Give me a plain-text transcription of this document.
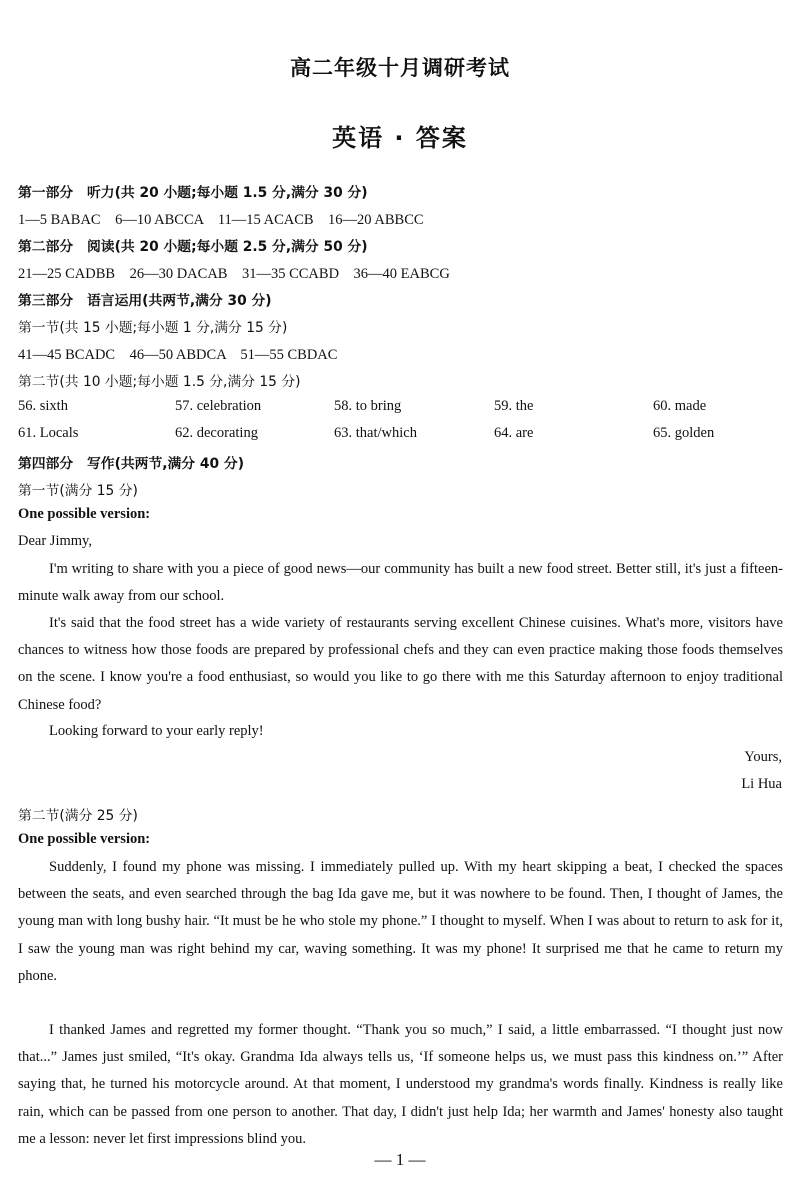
高二年级十月调研考试
英语 · 答案
第一部分　听力(共 20 小题;每小题 1.5 分,满分 30 分)
1—5 BABAC　6—10 ABCCA　11—15 ACACB　16—20 ABBCC
第二部分　阅读(共 20 小题;每小题 2.5 分,满分 50 分)
21—25 CADBB　26—30 DACAB　31—35 CCABD　36—40 EABCG
第三部分　语言运用(共两节,满分 30 分)
第一节(共 15 小题;每小题 1 分,满分 15 分)
41—45 BCADC　46—50 ABDCA　51—55 CBDAC
第二节(共 10 小题;每小题 1.5 分,满分 15 分)
56. sixth	57. celebration	58. to bring	59. the	60. made
61. Locals	62. decorating	63. that/which	64. are	65. golden
第四部分　写作(共两节,满分 40 分)
第一节(满分 15 分)
One possible version:
Dear Jimmy,

I'm writing to share with you a piece of good news—our community has built a new food street. Better still, it's just a fifteen-minute walk away from our school.

It's said that the food street has a wide variety of restaurants serving excellent Chinese cuisines. What's more, visitors have chances to witness how those foods are prepared by professional chefs and they can even practice making those foods themselves on the scene. I know you're a food enthusiast, so would you like to go there with me this Saturday afternoon to enjoy traditional Chinese food?

Looking forward to your early reply!

Yours,
Li Hua
第二节(满分 25 分)
One possible version:

Suddenly, I found my phone was missing. I immediately pulled up. With my heart skipping a beat, I checked the spaces between the seats, and even searched through the bag Ida gave me, but it was nowhere to be found. Then, I thought of James, the young man with long bushy hair. “It must be he who stole my phone.” I thought to myself. When I was about to return to ask for it, I saw the young man was right behind my car, waving something. It was my phone! It surprised me that he came to return my phone.

I thanked James and regretted my former thought. “Thank you so much,” I said, a little embarrassed. “I thought just now that...” James just smiled, “It's okay. Grandma Ida always tells us, ‘If someone helps us, we must pass this kindness on.’” After saying that, he turned his motorcycle around. At that moment, I understood my grandma's words finally. Kindness is really like rain, which can be passed from one person to another. That day, I didn't just help Ida; her warmth and James' honesty also taught me a lesson: never let first impressions blind you.

— 1 —
